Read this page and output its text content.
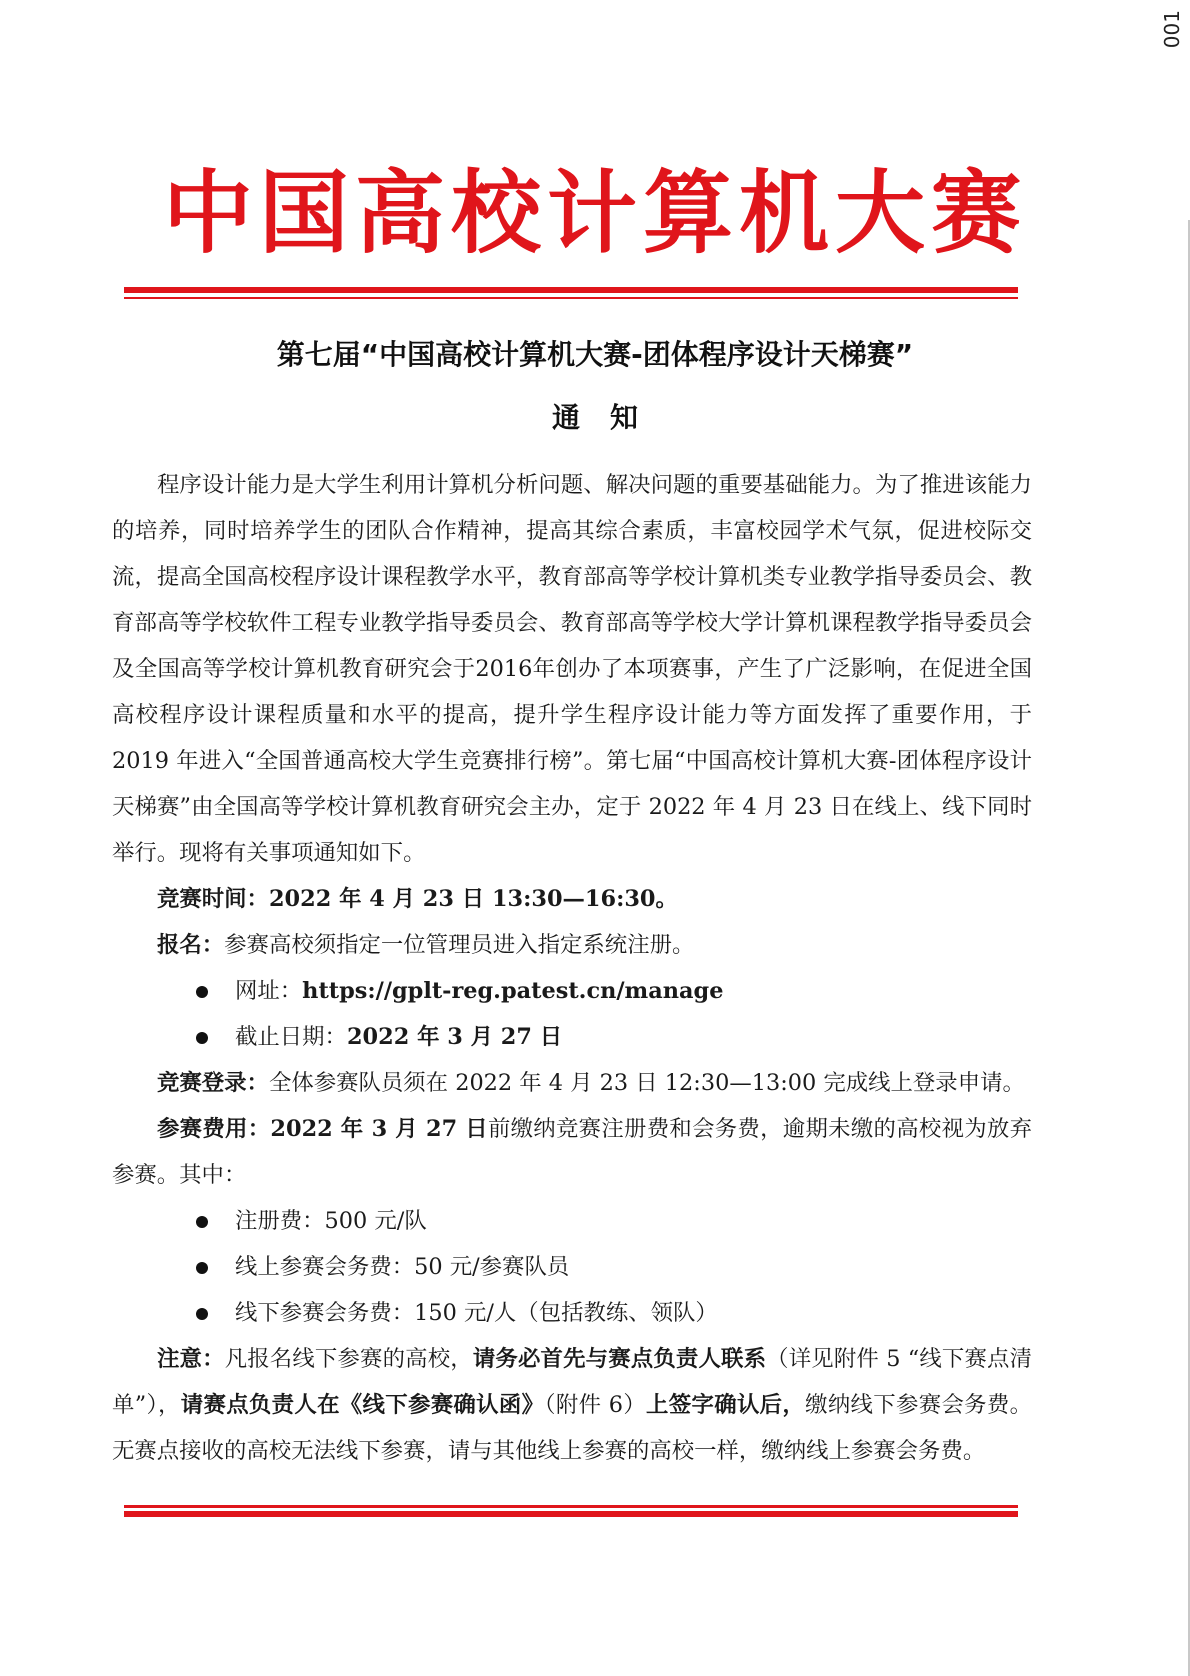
001
中国高校计算机大赛
第七届“中国高校计算机大赛-团体程序设计天梯赛”
通知

程序设计能力是大学生利用计算机分析问题、解决问题的重要基础能力。为了推进该能力的培养，同时培养学生的团队合作精神，提高其综合素质，丰富校园学术气氛，促进校际交流，提高全国高校程序设计课程教学水平，教育部高等学校计算机类专业教学指导委员会、教育部高等学校软件工程专业教学指导委员会、教育部高等学校大学计算机课程教学指导委员会及全国高等学校计算机教育研究会于2016年创办了本项赛事，产生了广泛影响，在促进全国高校程序设计课程质量和水平的提高，提升学生程序设计能力等方面发挥了重要作用，于 2019 年进入“全国普通高校大学生竞赛排行榜”。第七届“中国高校计算机大赛-团体程序设计天梯赛”由全国高等学校计算机教育研究会主办，定于 2022 年 4 月 23 日在线上、线下同时举行。现将有关事项通知如下。

竞赛时间：2022 年 4 月 23 日 13:30—16:30。

报名：参赛高校须指定一位管理员进入指定系统注册。

网址：https://gplt-reg.patest.cn/manage
截止日期：2022 年 3 月 27 日

竞赛登录：全体参赛队员须在 2022 年 4 月 23 日 12:30—13:00 完成线上登录申请。

参赛费用：2022 年 3 月 27 日前缴纳竞赛注册费和会务费，逾期未缴的高校视为放弃参赛。其中：

注册费：500 元/队
线上参赛会务费：50 元/参赛队员
线下参赛会务费：150 元/人（包括教练、领队）

注意：凡报名线下参赛的高校，请务必首先与赛点负责人联系（详见附件 5 “线下赛点清单”），请赛点负责人在《线下参赛确认函》（附件 6）上签字确认后，缴纳线下参赛会务费。无赛点接收的高校无法线下参赛，请与其他线上参赛的高校一样，缴纳线上参赛会务费。
